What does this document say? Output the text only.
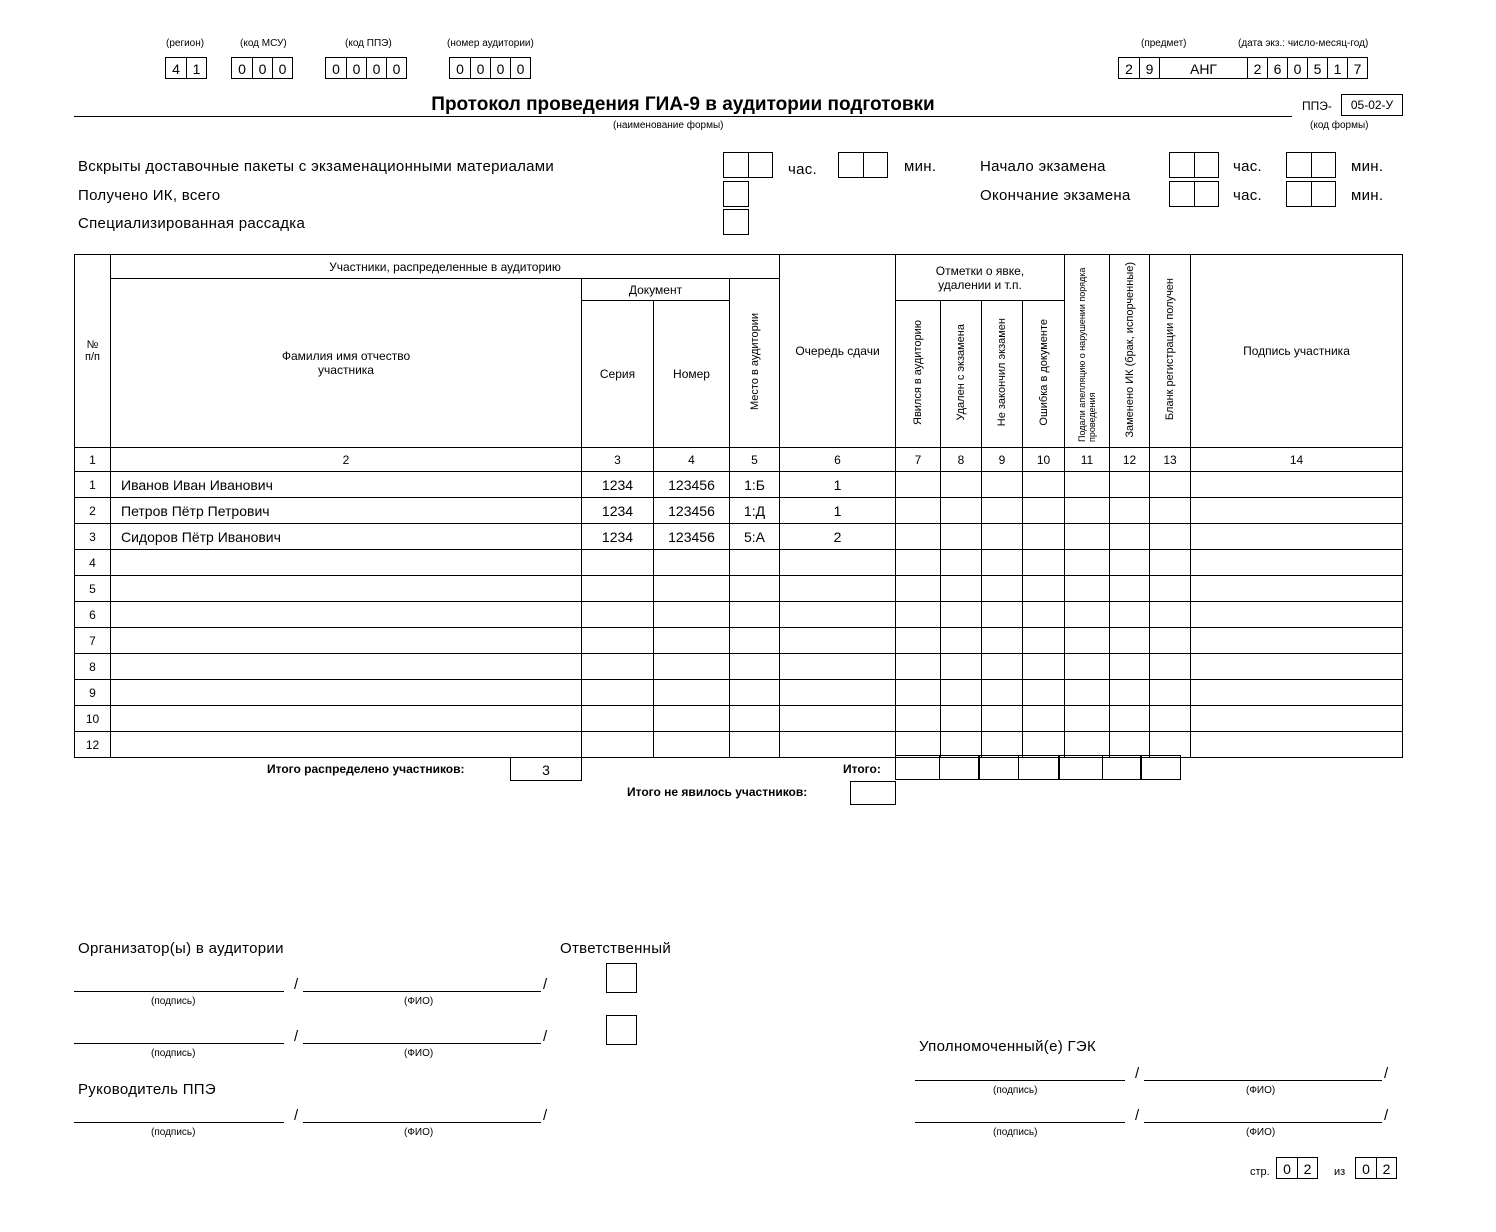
(регион)
4 1
(код МСУ)
0 0 0
(код ППЭ)
0 0 0 0
(номер аудитории)
0 0 0 0
(предмет)	(дата экз.: число-месяц-год)
2 9	АНГ	2 6 0 5 1 7
Протокол проведения ГИА-9 в аудитории подготовки
(наименование формы)
ППЭ-	05-02-У
(код формы)
Вскрыты доставочные пакеты с экзаменационными материалами	час.	мин.	Начало экзамена	час.	мин.
Получено ИК, всего	Окончание экзамена	час.	мин.
Специализированная рассадка
№ п/п	Участники, распределенные в аудиторию				Очередь сдачи	Отметки о явке, удалении и т.п.				Подали апелляцию о нарушении порядка проведения	Заменено ИК (брак, испорченные)	Бланк регистрации получен	Подпись участника
	Фамилия имя отчество участника	Документ		Место в аудитории									
		Серия	Номер			Явился в аудиторию	Удален с экзамена	Не закончил экзамен	Ошибка в документе				
1	2	3	4	5	6	7	8	9	10	11	12	13	14
1	Иванов Иван Иванович	1234	123456	1:Б	1								
2	Петров Пётр Петрович	1234	123456	1:Д	1								
3	Сидоров Пётр Иванович	1234	123456	5:А	2								
4													
5													
6													
7													
8													
9													
10													
12													
Итого распределено участников:	3	Итого:
Итого не явилось участников:
Организатор(ы) в аудитории	Ответственный
/	/
(подпись)	(ФИО)
/	/
(подпись)	(ФИО)
Руководитель ППЭ
/	/
(подпись)	(ФИО)
Уполномоченный(е) ГЭК
/	/
(подпись)	(ФИО)
/	/
(подпись)	(ФИО)
стр. 0 2	из	0 2
